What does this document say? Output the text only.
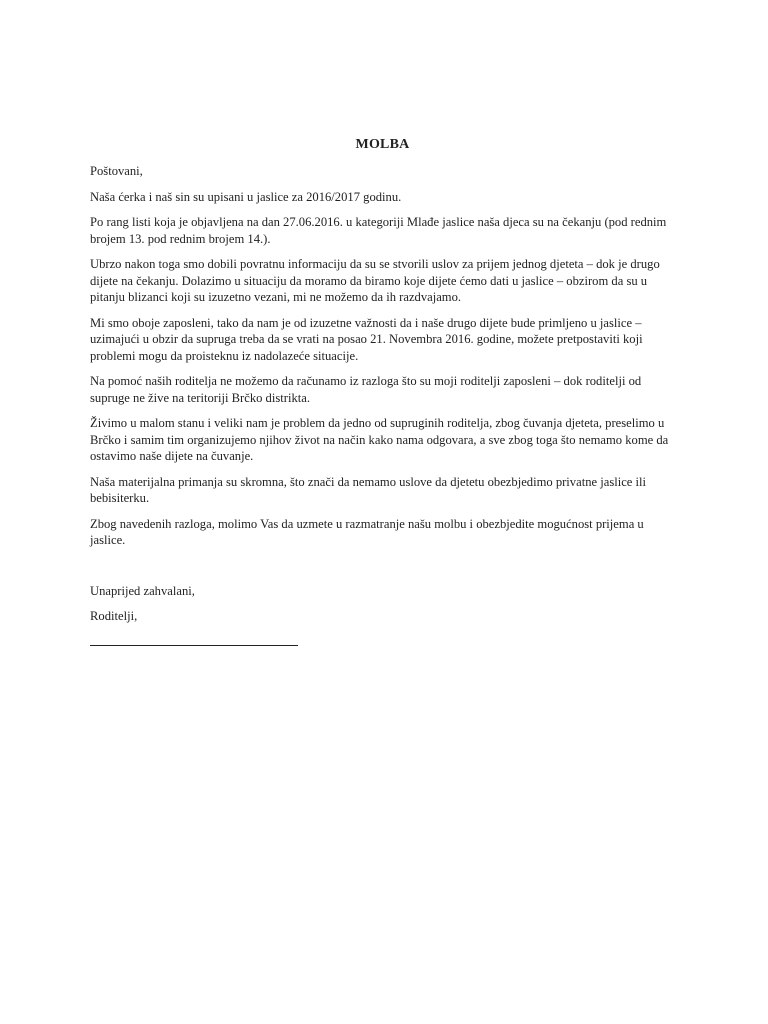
MOLBA
Poštovani,
Naša ćerka i naš sin su upisani u jaslice za 2016/2017 godinu.
Po rang listi koja je objavljena na dan 27.06.2016. u kategoriji Mlađe jaslice naša djeca su na čekanju (pod rednim brojem 13. pod rednim brojem 14.).
Ubrzo nakon toga smo dobili povratnu informaciju da su se stvorili uslov za prijem jednog djeteta – dok je drugo dijete na čekanju. Dolazimo u situaciju da moramo da biramo koje dijete ćemo dati u jaslice – obzirom da su u pitanju blizanci koji su izuzetno vezani, mi ne možemo da ih razdvajamo.
Mi smo oboje zaposleni, tako da nam je od izuzetne važnosti da i naše drugo dijete bude primljeno u jaslice – uzimajući u obzir da supruga treba da se vrati na posao 21. Novembra 2016. godine, možete pretpostaviti koji problemi mogu da proisteknu iz nadolazeće situacije.
Na pomoć naših roditelja ne možemo da računamo iz razloga što su moji roditelji zaposleni – dok roditelji od supruge ne žive na teritoriji Brčko distrikta.
Živimo u malom stanu i veliki nam je problem da jedno od supruginih roditelja, zbog čuvanja djeteta, preselimo u Brčko i samim tim organizujemo njihov život na način kako nama odgovara, a sve zbog toga što nemamo kome da ostavimo naše dijete na čuvanje.
Naša materijalna primanja su skromna, što znači da nemamo uslove da djetetu obezbjedimo privatne jaslice ili bebisiterku.
Zbog navedenih razloga, molimo Vas da uzmete u razmatranje našu molbu i obezbjedite mogućnost prijema u jaslice.
Unaprijed zahvalani,
Roditelji,
